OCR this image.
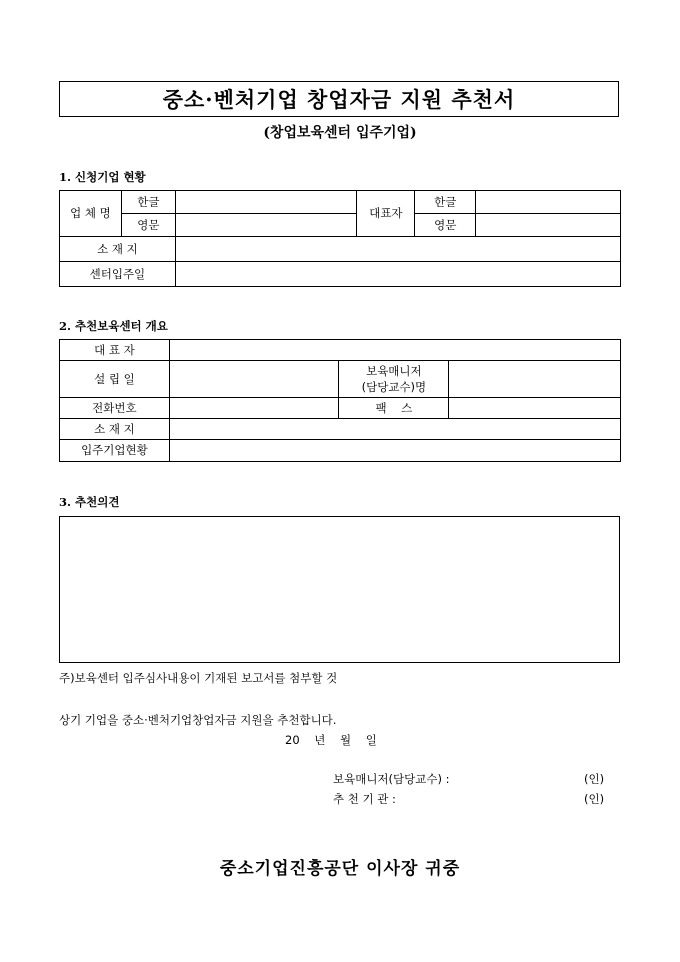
중소·벤처기업 창업자금 지원 추천서
(창업보육센터 입주기업)
1. 신청기업 현황
업 체 명	한글		대표자	한글	
	영문			영문	
소 재 지					
센터입주일					
2. 추천보육센터 개요
대 표 자			
설 립 일		보육매니저
(담당교수)명	

전화번호		팩    스	
소 재 지			
입주기업현황			
3. 추천의견
주)보육센터 입주심사내용이 기재된 보고서를 첨부할 것
상기 기업을 중소·벤처기업창업자금 지원을 추천합니다.
20    년    월    일
보육매니저(담당교수) :	(인)
추 천 기 관 :	(인)
중소기업진흥공단 이사장 귀중
